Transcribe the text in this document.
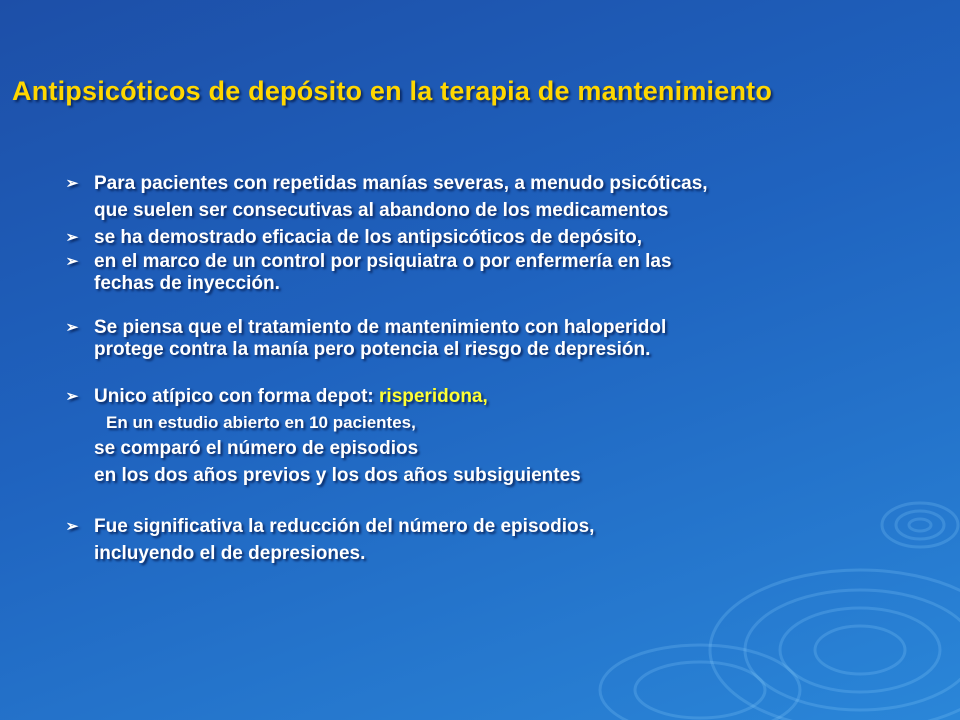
Antipsicóticos de depósito en la terapia de mantenimiento
➢ Para pacientes con repetidas manías severas, a menudo psicóticas,
que suelen ser consecutivas al abandono de los medicamentos
➢ se ha demostrado eficacia de los antipsicóticos de depósito,
➢ en el marco de un control por psiquiatra o por enfermería en las
fechas de inyección.
➢ Se piensa que el tratamiento de mantenimiento con haloperidol
protege contra la manía pero potencia el riesgo de depresión.
➢ Unico atípico con forma depot: risperidona,
En un estudio abierto en 10 pacientes,
se comparó el número de episodios
en los dos años previos y los dos años subsiguientes
➢ Fue significativa la reducción del número de episodios,
incluyendo el de depresiones.
